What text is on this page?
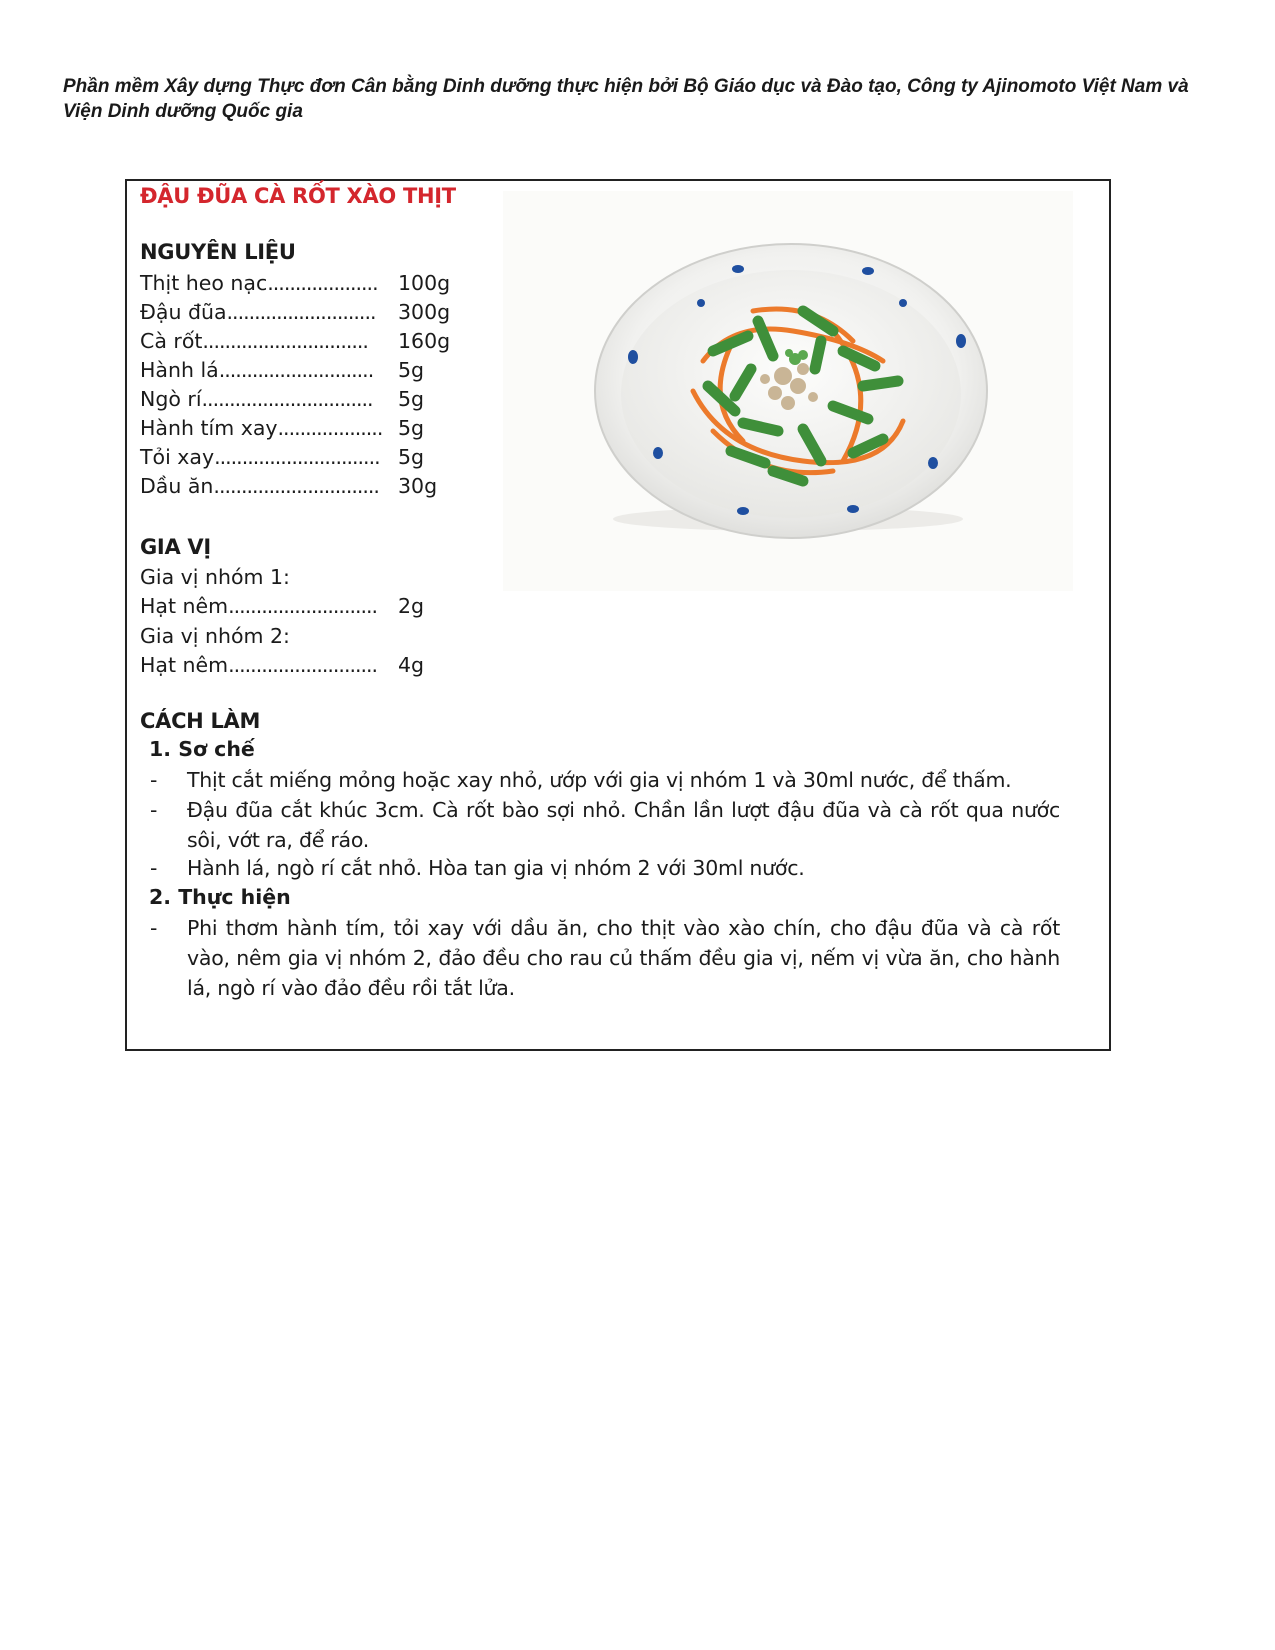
Phần mềm Xây dựng Thực đơn Cân bằng Dinh dưỡng thực hiện bởi Bộ Giáo dục và Đào tạo, Công ty Ajinomoto Việt Nam và Viện Dinh dưỡng Quốc gia
ĐẬU ĐŨA CÀ RỐT XÀO THỊT
NGUYÊN LIỆU
Thịt heo nạc.................... 100g
Đậu đũa........................... 300g
Cà rốt.............................. 160g
Hành lá............................ 5g
Ngò rí............................... 5g
Hành tím xay................... 5g
Tỏi xay.............................. 5g
Dầu ăn.............................. 30g
GIA VỊ
Gia vị nhóm 1:
Hạt nêm........................... 2g
Gia vị nhóm 2:
Hạt nêm........................... 4g
CÁCH LÀM
1. Sơ chế
- Thịt cắt miếng mỏng hoặc xay nhỏ, ướp với gia vị nhóm 1 và 30ml nước, để thấm.
- Đậu đũa cắt khúc 3cm. Cà rốt bào sợi nhỏ. Chần lần lượt đậu đũa và cà rốt qua nước sôi, vớt ra, để ráo.
- Hành lá, ngò rí cắt nhỏ. Hòa tan gia vị nhóm 2 với 30ml nước.
2. Thực hiện
- Phi thơm hành tím, tỏi xay với dầu ăn, cho thịt vào xào chín, cho đậu đũa và cà rốt vào, nêm gia vị nhóm 2, đảo đều cho rau củ thấm đều gia vị, nếm vị vừa ăn, cho hành lá, ngò rí vào đảo đều rồi tắt lửa.
